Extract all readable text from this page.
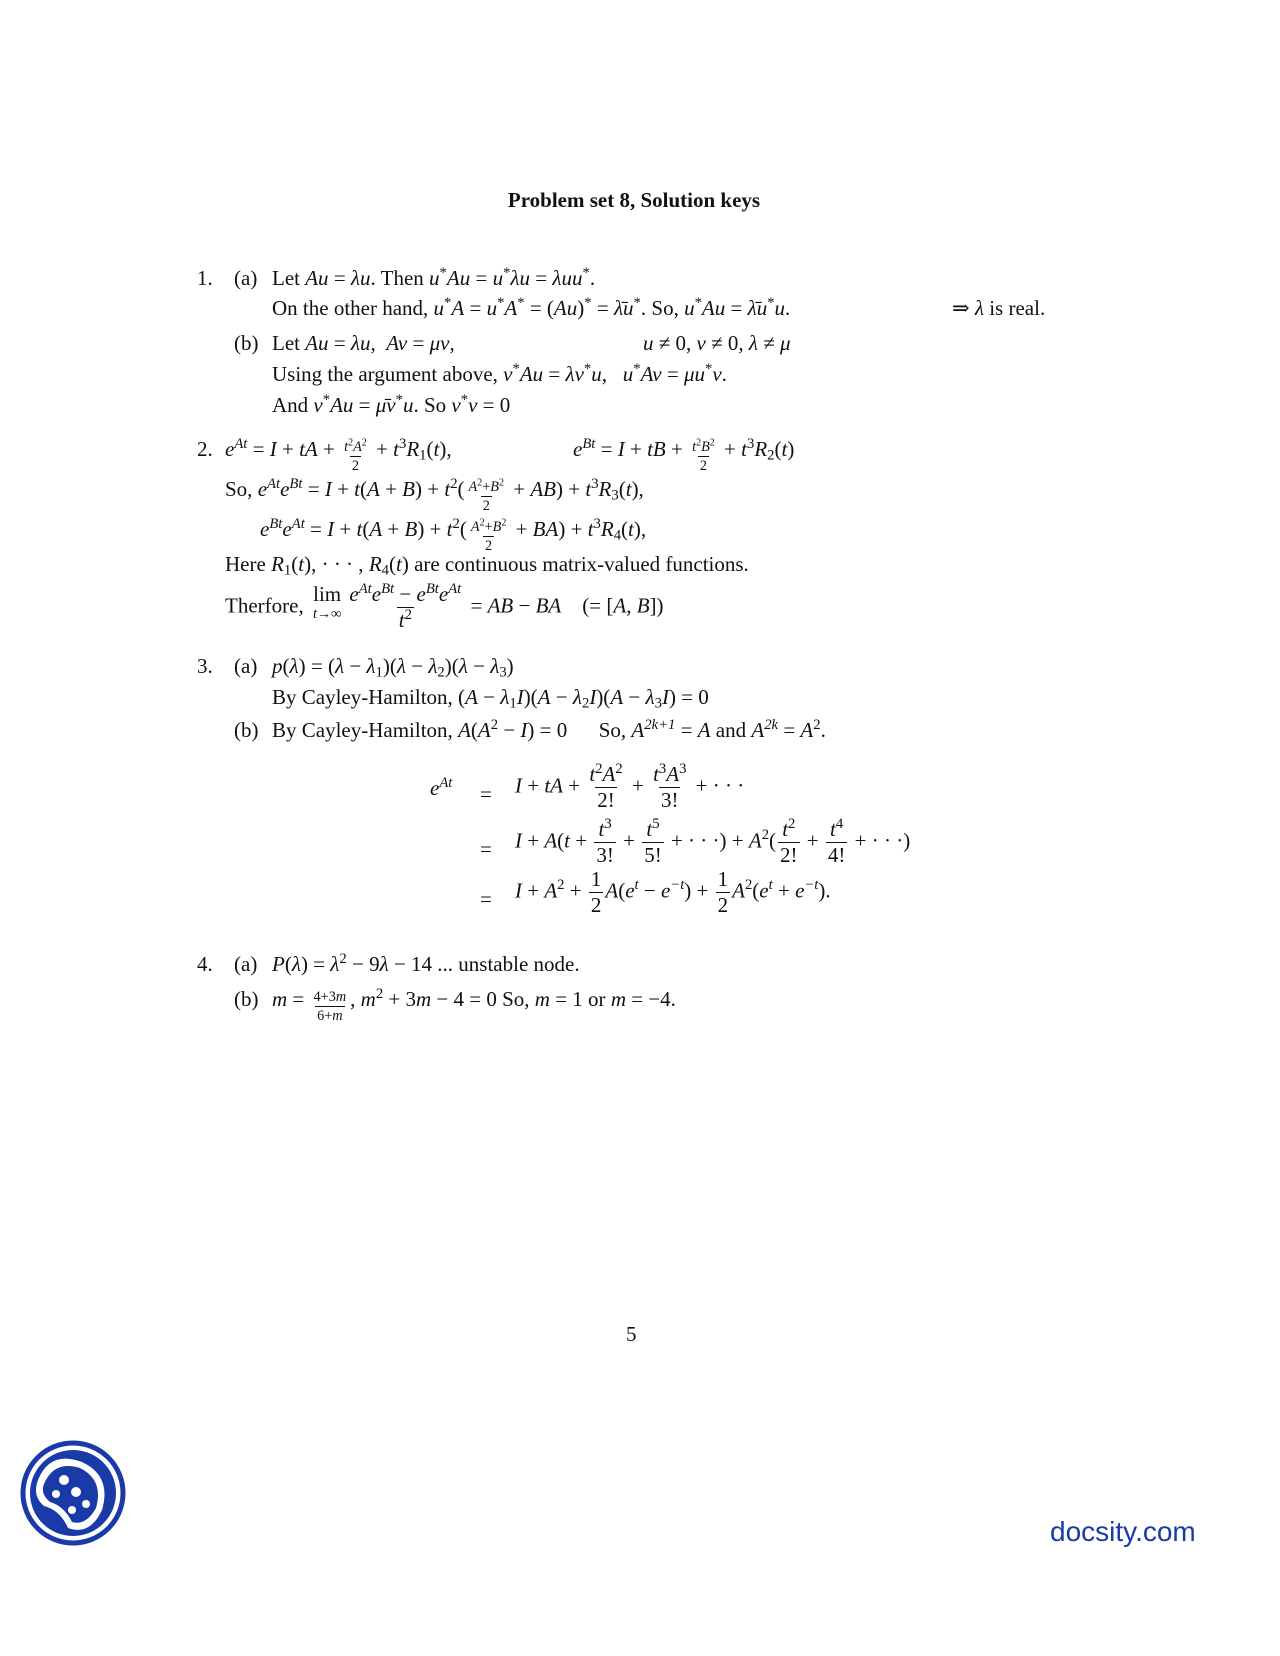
Problem set 8, Solution keys
1. (a) Let Au = λu. Then u*Au = u*λu = λuu*.
On the other hand, u*A = u*A* = (Au)* = λ̄u*. So, u*Au = λ̄u*u.	⇒ λ is real.
(b) Let Au = λu,  Av = μv,	u ≠ 0, v ≠ 0, λ ≠ μ
Using the argument above, v*Au = λv*u,   u*Av = μu*v.
And v*Au = μ̄v*u. So v*v = 0
2. $e^{At} = I$ + tA + $\frac{t^2A^2}{2} + t^3R_1(t)$,	$e^{Bt} = I$ + tB + $\frac{t^2B^2}{2} + t^3R_2(t)$
So, $e^{At}e^{Bt} = I + t(A + B) + t^2( \frac{A^2+B^2}{2} + AB) + t^3R_3(t)$,
$e^{Bt}e^{At} = I + t(A + B) + t^2( \frac{A^2+B^2}{2} + BA) + t^3R_4(t)$,
Here $R_1(t)$, · · · , $R_4(t)$ are continuous matrix-valued functions.
Therfore, lim
$t\to\infty \frac{e^{At}e^{Bt} - e^{Bt}e^{At}}{t^2}$ = AB − BA    (= [A, B])
3. (a) $p(\lambda) = (\lambda - \lambda_1)(\lambda - \lambda_2)(\lambda - \lambda_3)$
By Cayley-Hamilton, $(A - \lambda_1I)(A - \lambda_2I)(A - \lambda_3I) = 0$
(b) By Cayley-Hamilton, $A(A^2 - I) = 0$      So, $A^{2k+1} = A$ and $A^{2k} = A^2$.
$e^{At} = I$ + tA + $\frac{t^2A^2}{2!} + \frac{t^3A^3}{3!}$ + · · ·
= $I + A(t + \frac{t^3}{3!} + \frac{t^5}{5!}$ + · · ·) + $A^2( \frac{t^2}{2!} + \frac{t^4}{4!}$ + · · ·)
= $I + A^2 + \frac{1}{2} A(e^t - e^{-t}) + \frac{1}{2} A^2(e^t + e^{-t})$.
4. (a) $P(\lambda) = \lambda^2 - 9\lambda - 14$ ... unstable node.
(b) $m = \frac{4+3m}{6+m}$ , $m^2 + 3m - 4 = 0$ So, m = 1 or m = −4.
5
docsity.com
